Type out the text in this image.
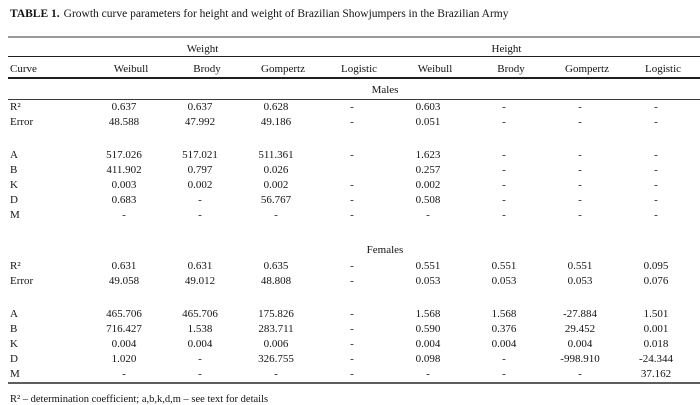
TABLE 1. Growth curve parameters for height and weight of Brazilian Showjumpers in the Brazilian Army
	Weight				Height			
Curve	Weibull	Brody	Gompertz	Logistic	Weibull	Brody	Gompertz	Logistic
	Males							
R²	0.637	0.637	0.628	-	0.603	-	-	-
Error	48.588	47.992	49.186	-	0.051	-	-	-

A	517.026	517.021	511.361	-	1.623	-	-	-
B	411.902	0.797	0.026		0.257	-	-	-
K	0.003	0.002	0.002	-	0.002	-	-	-
D	0.683	-	56.767	-	0.508	-	-	-
M	-	-	-	-	-	-	-	-

	Females							
R²	0.631	0.631	0.635	-	0.551	0.551	0.551	0.095
Error	49.058	49.012	48.808	-	0.053	0.053	0.053	0.076

A	465.706	465.706	175.826	-	1.568	1.568	-27.884	1.501
B	716.427	1.538	283.711	-	0.590	0.376	29.452	0.001
K	0.004	0.004	0.006	-	0.004	0.004	0.004	0.018
D	1.020	-	326.755	-	0.098	-	-998.910	-24.344
M	-	-	-	-	-	-	-	37.162
R² – determination coefficient; a,b,k,d,m – see text for details
